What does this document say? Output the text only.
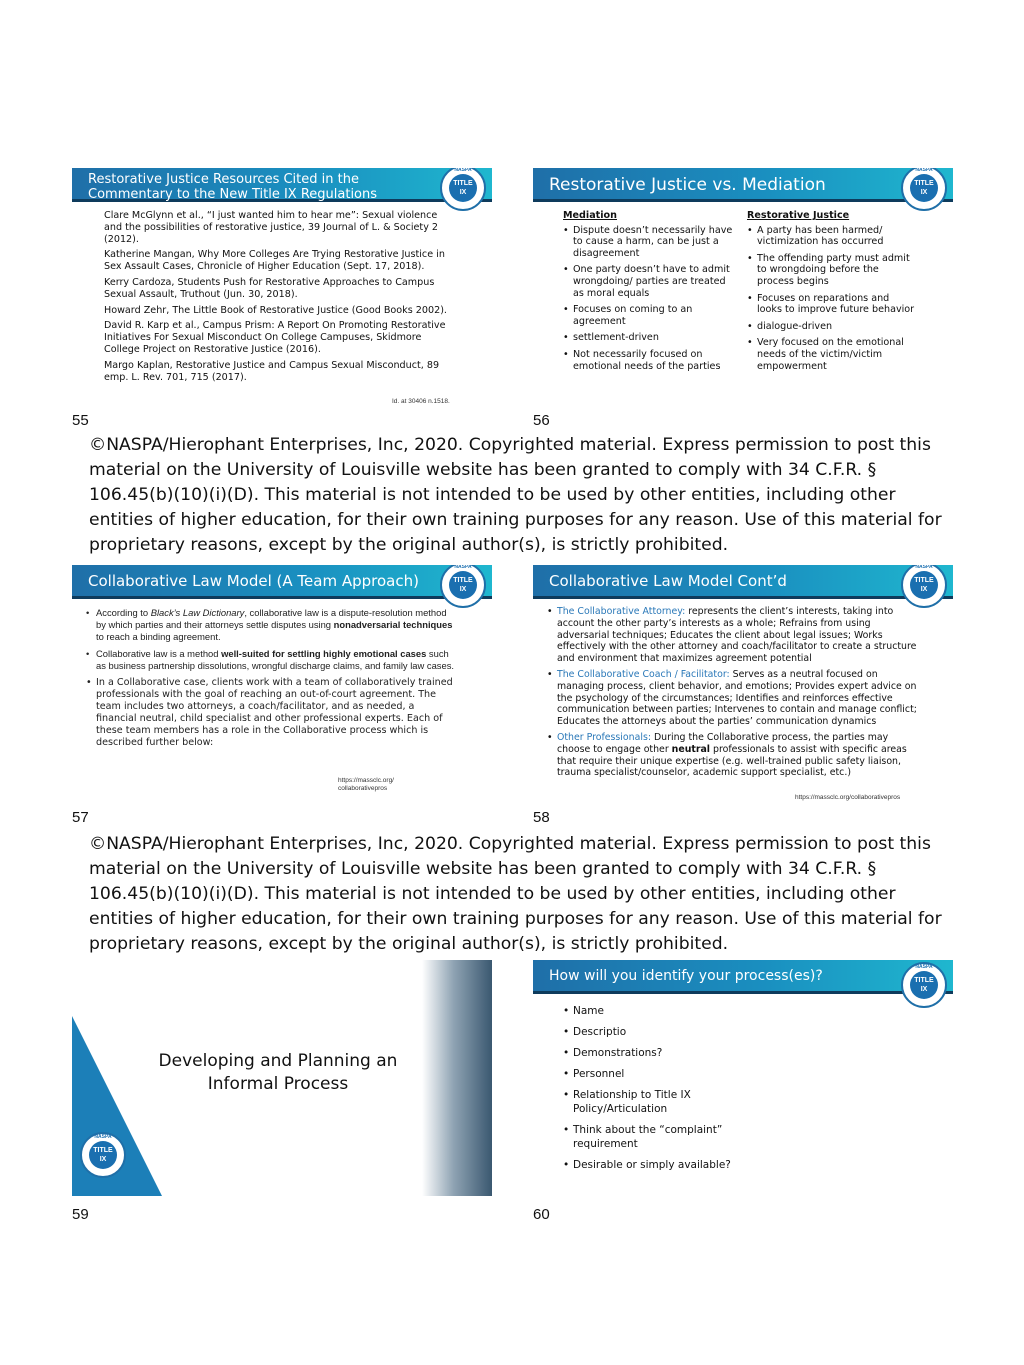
Restorative Justice Resources Cited in the Commentary to the New Title IX Regulations
NASPA
TITLE
IX
Clare McGlynn et al., “I just wanted him to hear me”: Sexual violence and the possibilities of restorative justice, 39 Journal of L. & Society 2 (2012).
Katherine Mangan, Why More Colleges Are Trying Restorative Justice in Sex Assault Cases, Chronicle of Higher Education (Sept. 17, 2018).
Kerry Cardoza, Students Push for Restorative Approaches to Campus Sexual Assault, Truthout (Jun. 30, 2018).
Howard Zehr, The Little Book of Restorative Justice (Good Books 2002).
David R. Karp et al., Campus Prism: A Report On Promoting Restorative Initiatives For Sexual Misconduct On College Campuses, Skidmore College Project on Restorative Justice (2016).
Margo Kaplan, Restorative Justice and Campus Sexual Misconduct, 89 emp. L. Rev. 701, 715 (2017).
Id. at 30406 n.1518.
55
Restorative Justice vs. Mediation
NASPA
TITLE
IX
Mediation
• Dispute doesn’t necessarily have to cause a harm, can be just a disagreement
• One party doesn’t have to admit wrongdoing/ parties are treated as moral equals
• Focuses on coming to an agreement
• settlement-driven
• Not necessarily focused on emotional needs of the parties
Restorative Justice
• A party has been harmed/ victimization has occurred
• The offending party must admit to wrongdoing before the process begins
• Focuses on reparations and looks to improve future behavior
• dialogue-driven
• Very focused on the emotional needs of the victim/victim empowerment
56
©NASPA/Hierophant Enterprises, Inc, 2020. Copyrighted material. Express permission to post this material on the University of Louisville website has been granted to comply with 34 C.F.R. § 106.45(b)(10)(i)(D). This material is not intended to be used by other entities, including other entities of higher education, for their own training purposes for any reason. Use of this material for proprietary reasons, except by the original author(s), is strictly prohibited.
Collaborative Law Model (A Team Approach)
NASPA
TITLE
IX
• According to Black’s Law Dictionary, collaborative law is a dispute-resolution method by which parties and their attorneys settle disputes using nonadversarial techniques to reach a binding agreement.
• Collaborative law is a method well-suited for settling highly emotional cases such as business partnership dissolutions, wrongful discharge claims, and family law cases.
• In a Collaborative case, clients work with a team of collaboratively trained professionals with the goal of reaching an out-of-court agreement. The team includes two attorneys, a coach/facilitator, and as needed, a financial neutral, child specialist and other professional experts. Each of these team members has a role in the Collaborative process which is described further below:
https://massclc.org/
collaborativepros
57
Collaborative Law Model Cont’d
NASPA
TITLE
IX
• The Collaborative Attorney: represents the client’s interests, taking into account the other party’s interests as a whole; Refrains from using adversarial techniques; Educates the client about legal issues; Works effectively with the other attorney and coach/facilitator to create a structure and environment that maximizes agreement potential
• The Collaborative Coach / Facilitator: Serves as a neutral focused on managing process, client behavior, and emotions; Provides expert advice on the psychology of the circumstances; Identifies and reinforces effective communication between parties; Intervenes to contain and manage conflict; Educates the attorneys about the parties’ communication dynamics
• Other Professionals: During the Collaborative process, the parties may choose to engage other neutral professionals to assist with specific areas that require their unique expertise (e.g. well-trained public safety liaison, trauma specialist/counselor, academic support specialist, etc.)
https://massclc.org/collaborativepros
58
©NASPA/Hierophant Enterprises, Inc, 2020. Copyrighted material. Express permission to post this material on the University of Louisville website has been granted to comply with 34 C.F.R. § 106.45(b)(10)(i)(D). This material is not intended to be used by other entities, including other entities of higher education, for their own training purposes for any reason. Use of this material for proprietary reasons, except by the original author(s), is strictly prohibited.
Developing and Planning an Informal Process
NASPA
TITLE
IX
59
How will you identify your process(es)?
NASPA
TITLE
IX
• Name
• Descriptio
• Demonstrations?
• Personnel
• Relationship to Title IX Policy/Articulation
• Think about the “complaint” requirement
• Desirable or simply available?
60
